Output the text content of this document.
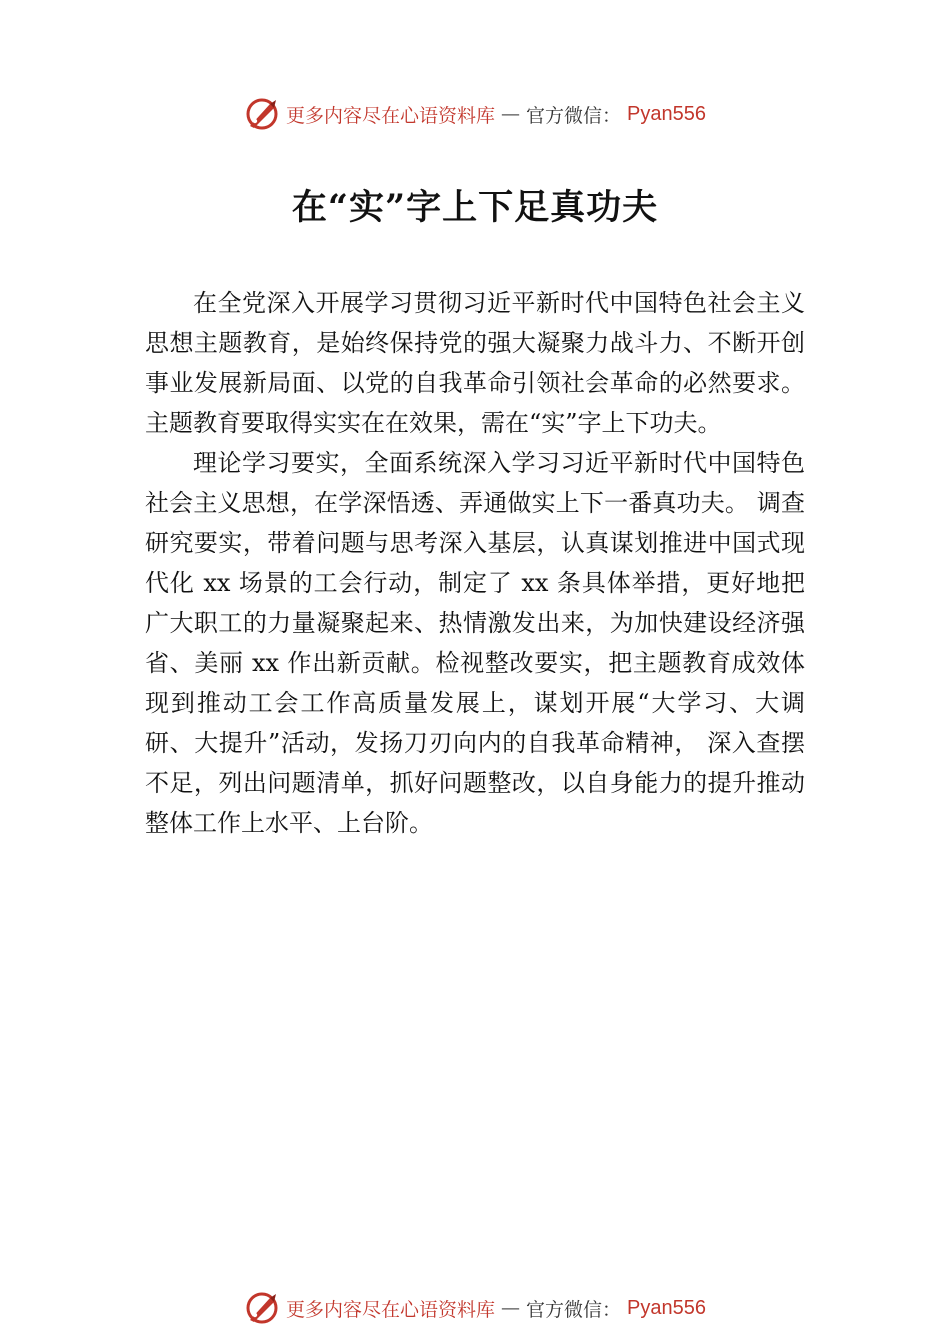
更多内容尽在心语资料库 — 官方微信： Pyan556
在“实”字上下足真功夫

在全党深入开展学习贯彻习近平新时代中国特色社会主义思想主题教育，是始终保持党的强大凝聚力战斗力、不断开创事业发展新局面、以党的自我革命引领社会革命的必然要求。主题教育要取得实实在在效果，需在“实”字上下功夫。

理论学习要实，全面系统深入学习习近平新时代中国特色社会主义思想，在学深悟透、弄通做实上下一番真功夫。 调查研究要实，带着问题与思考深入基层，认真谋划推进中国式现代化 xx 场景的工会行动，制定了 xx 条具体举措，更好地把广大职工的力量凝聚起来、热情激发出来，为加快建设经济强省、美丽 xx 作出新贡献。检视整改要实，把主题教育成效体现到推动工会工作高质量发展上，谋划开展“大学习、大调研、大提升”活动，发扬刀刃向内的自我革命精神， 深入查摆不足，列出问题清单，抓好问题整改，以自身能力的提升推动整体工作上水平、上台阶。

更多内容尽在心语资料库 — 官方微信： Pyan556
